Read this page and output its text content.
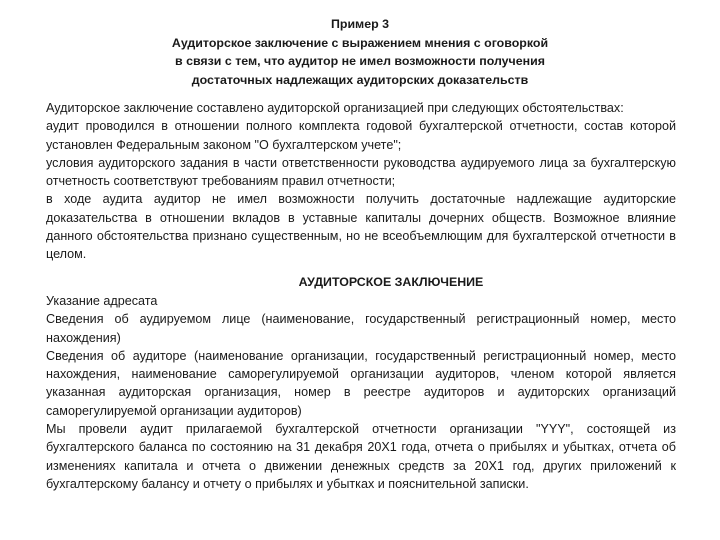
Пример 3
Аудиторское заключение с выражением мнения с оговоркой
в связи с тем, что аудитор не имел возможности получения
достаточных надлежащих аудиторских доказательств
Аудиторское заключение составлено аудиторской организацией при следующих обстоятельствах:
аудит проводился в отношении полного комплекта годовой бухгалтерской отчетности, состав которой установлен Федеральным законом "О бухгалтерском учете";
условия аудиторского задания в части ответственности руководства аудируемого лица за бухгалтерскую отчетность соответствуют требованиям правил отчетности;
в ходе аудита аудитор не имел возможности получить достаточные надлежащие аудиторские доказательства в отношении вкладов в уставные капиталы дочерних обществ. Возможное влияние данного обстоятельства признано существенным, но не всеобъемлющим для бухгалтерской отчетности в целом.
АУДИТОРСКОЕ ЗАКЛЮЧЕНИЕ
Указание адресата
Сведения об аудируемом лице (наименование, государственный регистрационный номер, место нахождения)
Сведения об аудиторе (наименование организации, государственный регистрационный номер, место нахождения, наименование саморегулируемой организации аудиторов, членом которой является указанная аудиторская организация, номер в реестре аудиторов и аудиторских организаций саморегулируемой организации аудиторов)
Мы провели аудит прилагаемой бухгалтерской отчетности организации "YYY", состоящей из бухгалтерского баланса по состоянию на 31 декабря 20X1 года, отчета о прибылях и убытках, отчета об изменениях капитала и отчета о движении денежных средств за 20X1 год, других приложений к бухгалтерскому балансу и отчету о прибылях и убытках и пояснительной записки.
